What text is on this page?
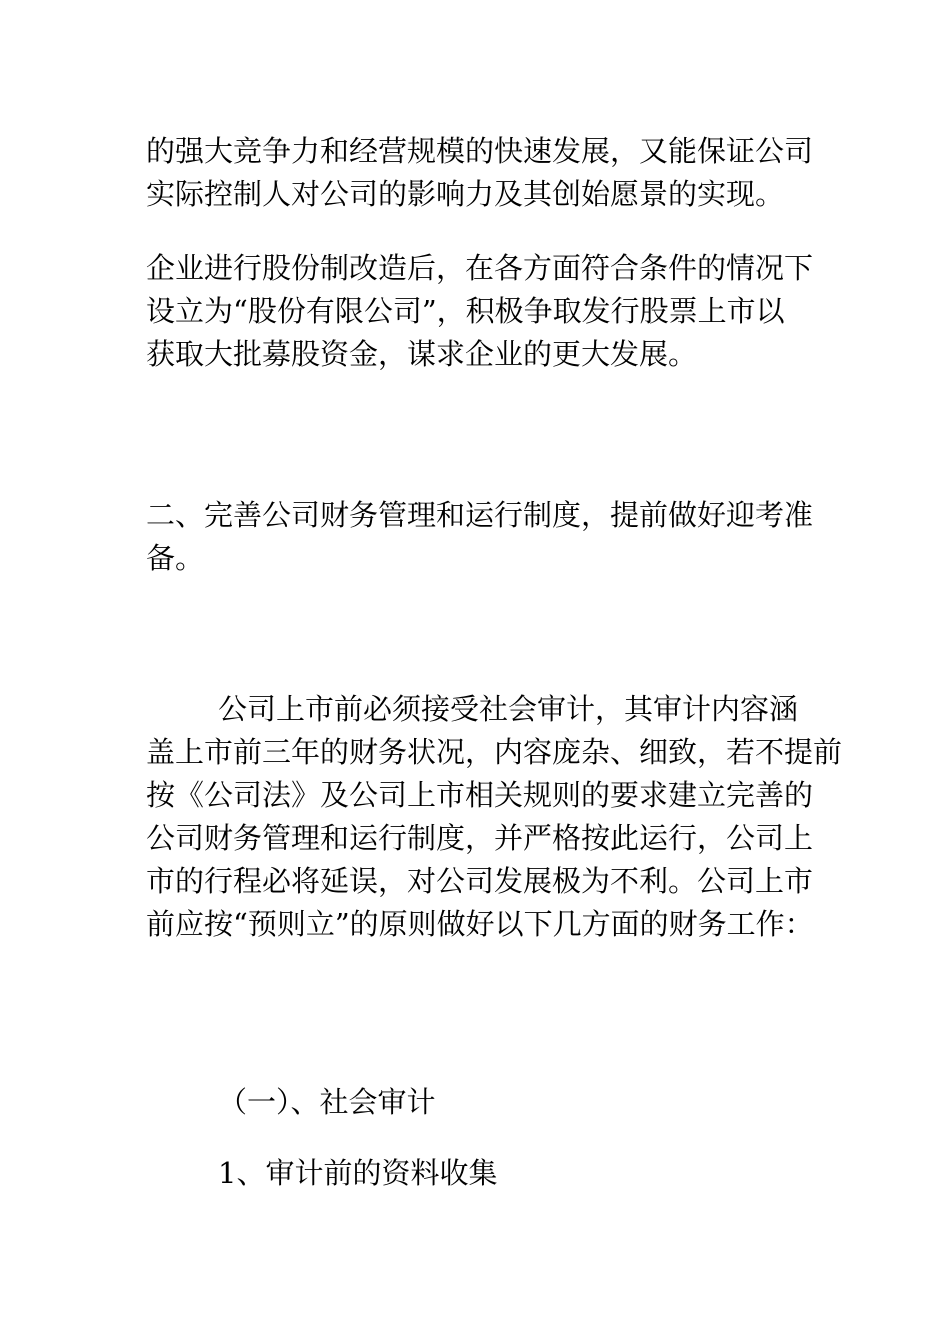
的强大竞争力和经营规模的快速发展，又能保证公司
实际控制人对公司的影响力及其创始愿景的实现。
企业进行股份制改造后，在各方面符合条件的情况下
设立为“股份有限公司”，积极争取发行股票上市以
获取大批募股资金，谋求企业的更大发展。
二、完善公司财务管理和运行制度，提前做好迎考准
备。
公司上市前必须接受社会审计，其审计内容涵
盖上市前三年的财务状况，内容庞杂、细致，若不提前
按《公司法》及公司上市相关规则的要求建立完善的
公司财务管理和运行制度，并严格按此运行，公司上
市的行程必将延误，对公司发展极为不利。公司上市
前应按“预则立”的原则做好以下几方面的财务工作：
（一）、社会审计
1、审计前的资料收集
